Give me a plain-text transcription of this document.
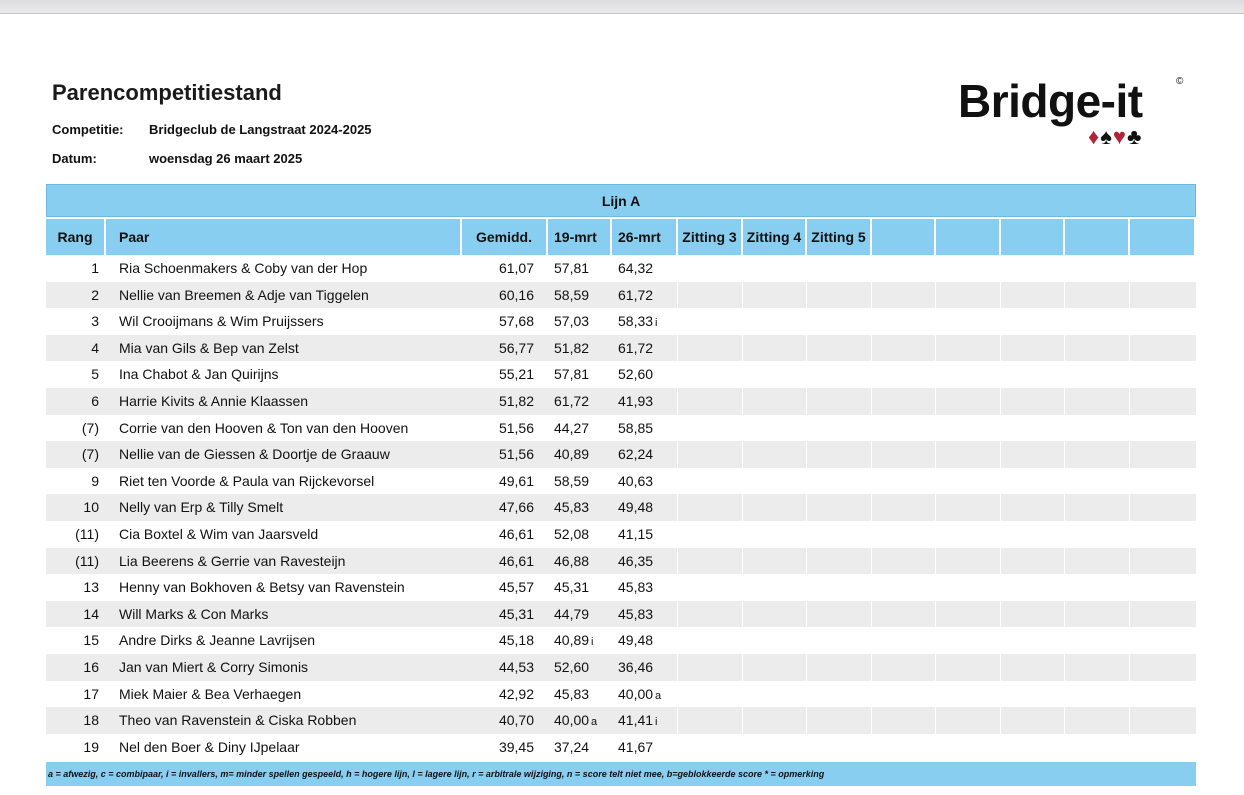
Parencompetitiestand
Competitie: Bridgeclub de Langstraat 2024-2025
Datum:	woensdag 26 maart 2025
Bridge-it	©
♦♠♥♣
Lijn A
Rang	Paar	Gemidd.	19-mrt	26-mrt	Zitting 3 Zitting 4 Zitting 5
1	Ria Schoenmakers & Coby van der Hop	61,07	57,81	64,32
2	Nellie van Breemen & Adje van Tiggelen	60,16	58,59	61,72
3	Wil Crooijmans & Wim Pruijssers	57,68	57,03	58,33 i
4	Mia van Gils & Bep van Zelst	56,77	51,82	61,72
5	Ina Chabot & Jan Quirijns	55,21	57,81	52,60
6	Harrie Kivits & Annie Klaassen	51,82	61,72	41,93
(7)	Corrie van den Hooven & Ton van den Hooven	51,56	44,27	58,85
(7)	Nellie van de Giessen & Doortje de Graauw	51,56	40,89	62,24
9	Riet ten Voorde & Paula van Rijckevorsel	49,61	58,59	40,63
10	Nelly van Erp & Tilly Smelt	47,66	45,83	49,48
(11)	Cia Boxtel & Wim van Jaarsveld	46,61	52,08	41,15
(11)	Lia Beerens & Gerrie van Ravesteijn	46,61	46,88	46,35
13	Henny van Bokhoven & Betsy van Ravenstein	45,57	45,31	45,83
14	Will Marks & Con Marks	45,31	44,79	45,83
15	Andre Dirks & Jeanne Lavrijsen	45,18	40,89 i	49,48
16	Jan van Miert & Corry Simonis	44,53	52,60	36,46
17	Miek Maier & Bea Verhaegen	42,92	45,83	40,00 a
18	Theo van Ravenstein & Ciska Robben	40,70	40,00 a	41,41 i
19	Nel den Boer & Diny IJpelaar	39,45	37,24	41,67
a = afwezig, c = combipaar, i = invallers, m= minder spellen gespeeld, h = hogere lijn, l = lagere lijn, r = arbitrale wijziging, n = score telt niet mee, b=geblokkeerde score * = opmerking
